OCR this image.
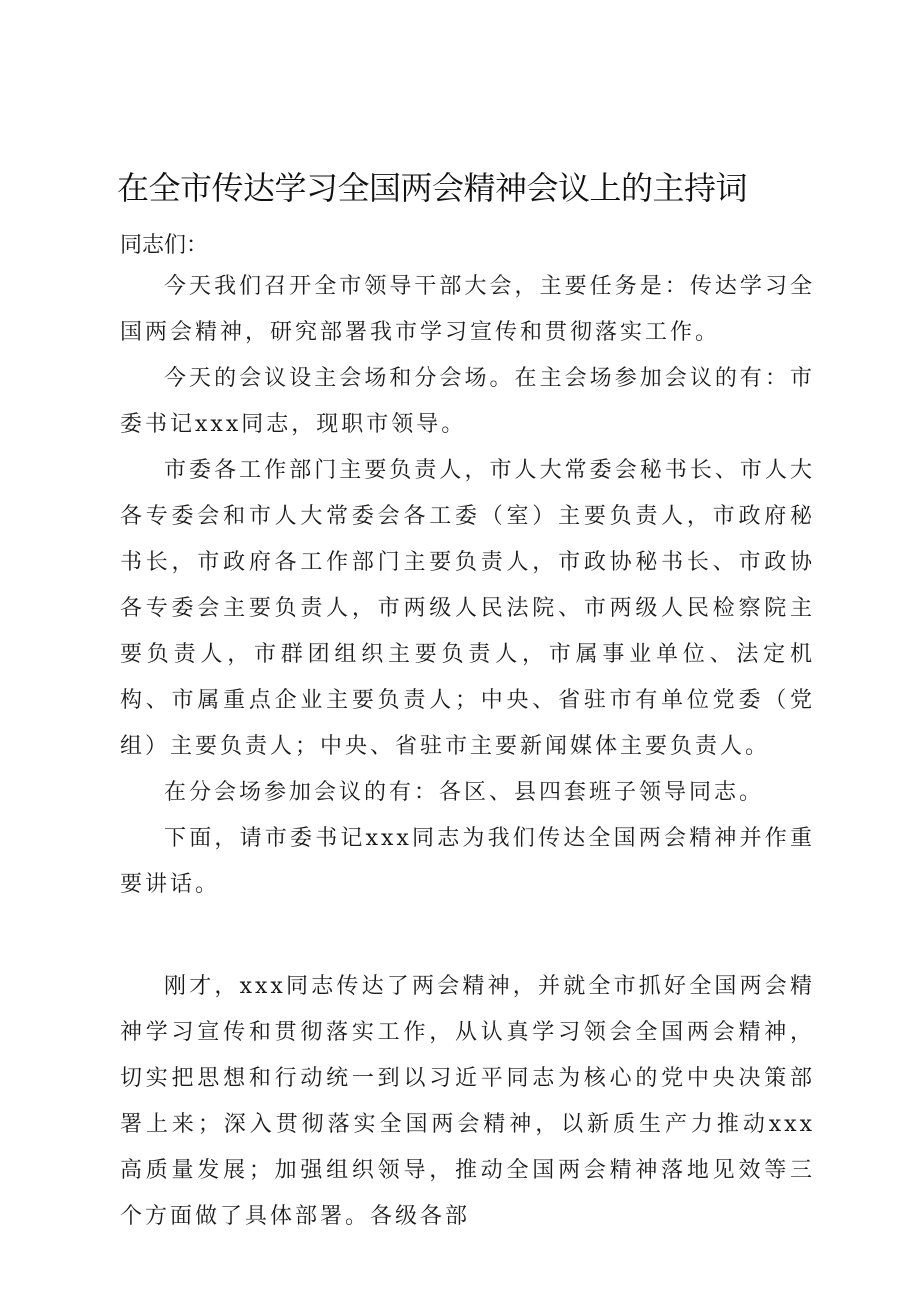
在全市传达学习全国两会精神会议上的主持词

同志们：

今天我们召开全市领导干部大会，主要任务是：传达学习全国两会精神，研究部署我市学习宣传和贯彻落实工作。

今天的会议设主会场和分会场。在主会场参加会议的有：市委书记xxx同志，现职市领导。

市委各工作部门主要负责人，市人大常委会秘书长、市人大各专委会和市人大常委会各工委（室）主要负责人，市政府秘书长，市政府各工作部门主要负责人，市政协秘书长、市政协各专委会主要负责人，市两级人民法院、市两级人民检察院主要负责人，市群团组织主要负责人，市属事业单位、法定机构、市属重点企业主要负责人；中央、省驻市有单位党委（党组）主要负责人；中央、省驻市主要新闻媒体主要负责人。

在分会场参加会议的有：各区、县四套班子领导同志。

下面，请市委书记xxx同志为我们传达全国两会精神并作重要讲话。

刚才，xxx同志传达了两会精神，并就全市抓好全国两会精神学习宣传和贯彻落实工作，从认真学习领会全国两会精神，切实把思想和行动统一到以习近平同志为核心的党中央决策部署上来；深入贯彻落实全国两会精神，以新质生产力推动xxx高质量发展；加强组织领导，推动全国两会精神落地见效等三个方面做了具体部署。各级各部
